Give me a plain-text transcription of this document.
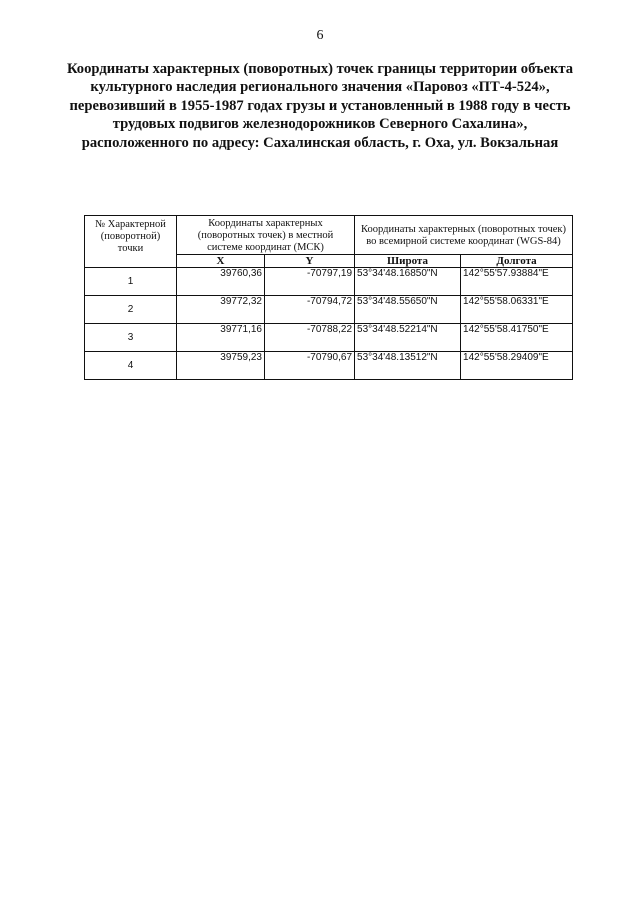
6

Координаты характерных (поворотных) точек границы территории объекта культурного наследия регионального значения «Паровоз «ПТ-4-524», перевозивший в 1955-1987 годах грузы и установленный в 1988 году в честь трудовых подвигов железнодорожников Северного Сахалина», расположенного по адресу: Сахалинская область, г. Оха, ул. Вокзальная

№ Характерной (поворотной) точки	Координаты характерных (поворотных точек) в местной системе координат (МСК)		Координаты характерных (поворотных точек) во всемирной системе координат (WGS-84)	
	X	Y	Широта	Долгота
1	39760,36	-70797,19	53°34'48.16850"N	142°55'57.93884"E
2	39772,32	-70794,72	53°34'48.55650"N	142°55'58.06331"E
3	39771,16	-70788,22	53°34'48.52214"N	142°55'58.41750"E
4	39759,23	-70790,67	53°34'48.13512"N	142°55'58.29409"E
